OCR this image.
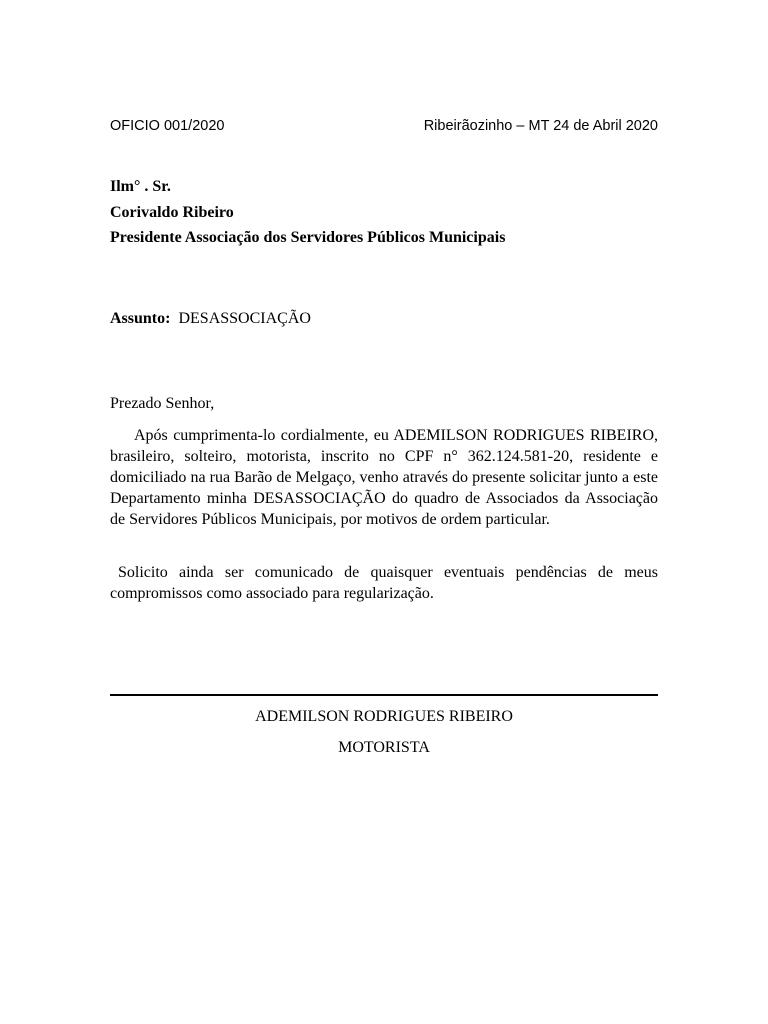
OFICIO 001/2020	Ribeirãozinho – MT 24 de Abril 2020
Ilm° . Sr.
Corivaldo Ribeiro
Presidente Associação dos Servidores Públicos Municipais
Assunto: DESASSOCIAÇÃO
Prezado Senhor,

Após cumprimenta-lo cordialmente, eu ADEMILSON RODRIGUES RIBEIRO, brasileiro, solteiro, motorista, inscrito no CPF n° 362.124.581-20, residente e domiciliado na rua Barão de Melgaço, venho através do presente solicitar junto a este Departamento minha DESASSOCIAÇÃO do quadro de Associados da Associação de Servidores Públicos Municipais, por motivos de ordem particular.

Solicito ainda ser comunicado de quaisquer eventuais pendências de meus compromissos como associado para regularização.

ADEMILSON RODRIGUES RIBEIRO
MOTORISTA
